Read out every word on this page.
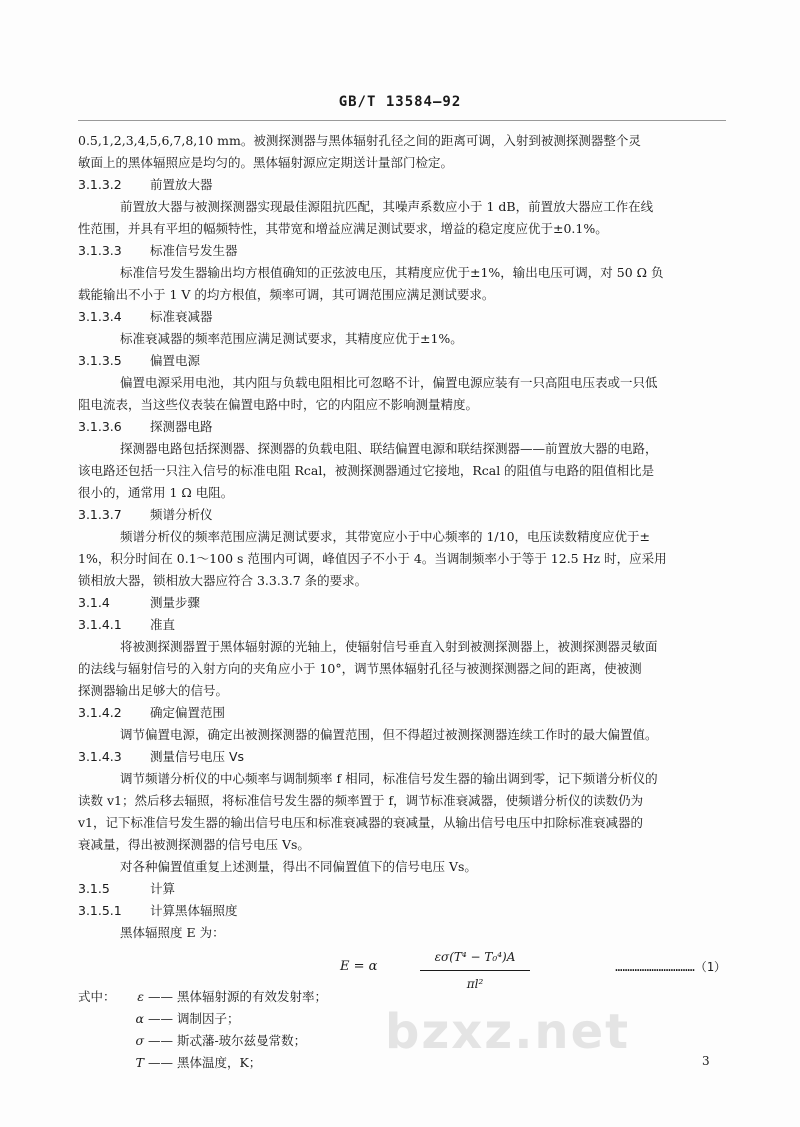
GB/T 13584—92
0.5,1,2,3,4,5,6,7,8,10 mm。被测探测器与黑体辐射孔径之间的距离可调，入射到被测探测器整个灵
敏面上的黑体辐照应是均匀的。黑体辐射源应定期送计量部门检定。
3.1.3.2 前置放大器
前置放大器与被测探测器实现最佳源阻抗匹配，其噪声系数应小于 1 dB，前置放大器应工作在线
性范围，并具有平坦的幅频特性，其带宽和增益应满足测试要求，增益的稳定度应优于±0.1%。
3.1.3.3 标准信号发生器
标准信号发生器输出均方根值确知的正弦波电压，其精度应优于±1%，输出电压可调，对 50 Ω 负
载能输出不小于 1 V 的均方根值，频率可调，其可调范围应满足测试要求。
3.1.3.4 标准衰减器
标准衰减器的频率范围应满足测试要求，其精度应优于±1%。
3.1.3.5 偏置电源
偏置电源采用电池，其内阻与负载电阻相比可忽略不计，偏置电源应装有一只高阻电压表或一只低
阻电流表，当这些仪表装在偏置电路中时，它的内阻应不影响测量精度。
3.1.3.6 探测器电路
探测器电路包括探测器、探测器的负载电阻、联结偏置电源和联结探测器——前置放大器的电路，
该电路还包括一只注入信号的标准电阻 Rcal，被测探测器通过它接地，Rcal 的阻值与电路的阻值相比是
很小的，通常用 1 Ω 电阻。
3.1.3.7 频谱分析仪
频谱分析仪的频率范围应满足测试要求，其带宽应小于中心频率的 1/10，电压读数精度应优于±
1%，积分时间在 0.1～100 s 范围内可调，峰值因子不小于 4。当调制频率小于等于 12.5 Hz 时，应采用
锁相放大器，锁相放大器应符合 3.3.3.7 条的要求。
3.1.4	测量步骤
3.1.4.1 准直
将被测探测器置于黑体辐射源的光轴上，使辐射信号垂直入射到被测探测器上，被测探测器灵敏面
的法线与辐射信号的入射方向的夹角应小于 10°，调节黑体辐射孔径与被测探测器之间的距离，使被测
探测器输出足够大的信号。
3.1.4.2 确定偏置范围
调节偏置电源，确定出被测探测器的偏置范围，但不得超过被测探测器连续工作时的最大偏置值。
3.1.4.3 测量信号电压 Vs
调节频谱分析仪的中心频率与调制频率 f 相同，标准信号发生器的输出调到零，记下频谱分析仪的
读数 v1；然后移去辐照，将标准信号发生器的频率置于 f，调节标准衰减器，使频谱分析仪的读数仍为
v1，记下标准信号发生器的输出信号电压和标准衰减器的衰减量，从输出信号电压中扣除标准衰减器的
衰减量，得出被测探测器的信号电压 Vs。
对各种偏置值重复上述测量，得出不同偏置值下的信号电压 Vs。
3.1.5	计算
3.1.5.1 计算黑体辐照度
黑体辐照度 E 为：
E = α
εσ(T⁴ − T₀⁴)A
πl²
……………………………（1）
式中： ε —— 黑体辐射源的有效发射率；
α —— 调制因子；
σ —— 斯忒藩-玻尔兹曼常数；
T —— 黑体温度，K；
bzxz.net
3
